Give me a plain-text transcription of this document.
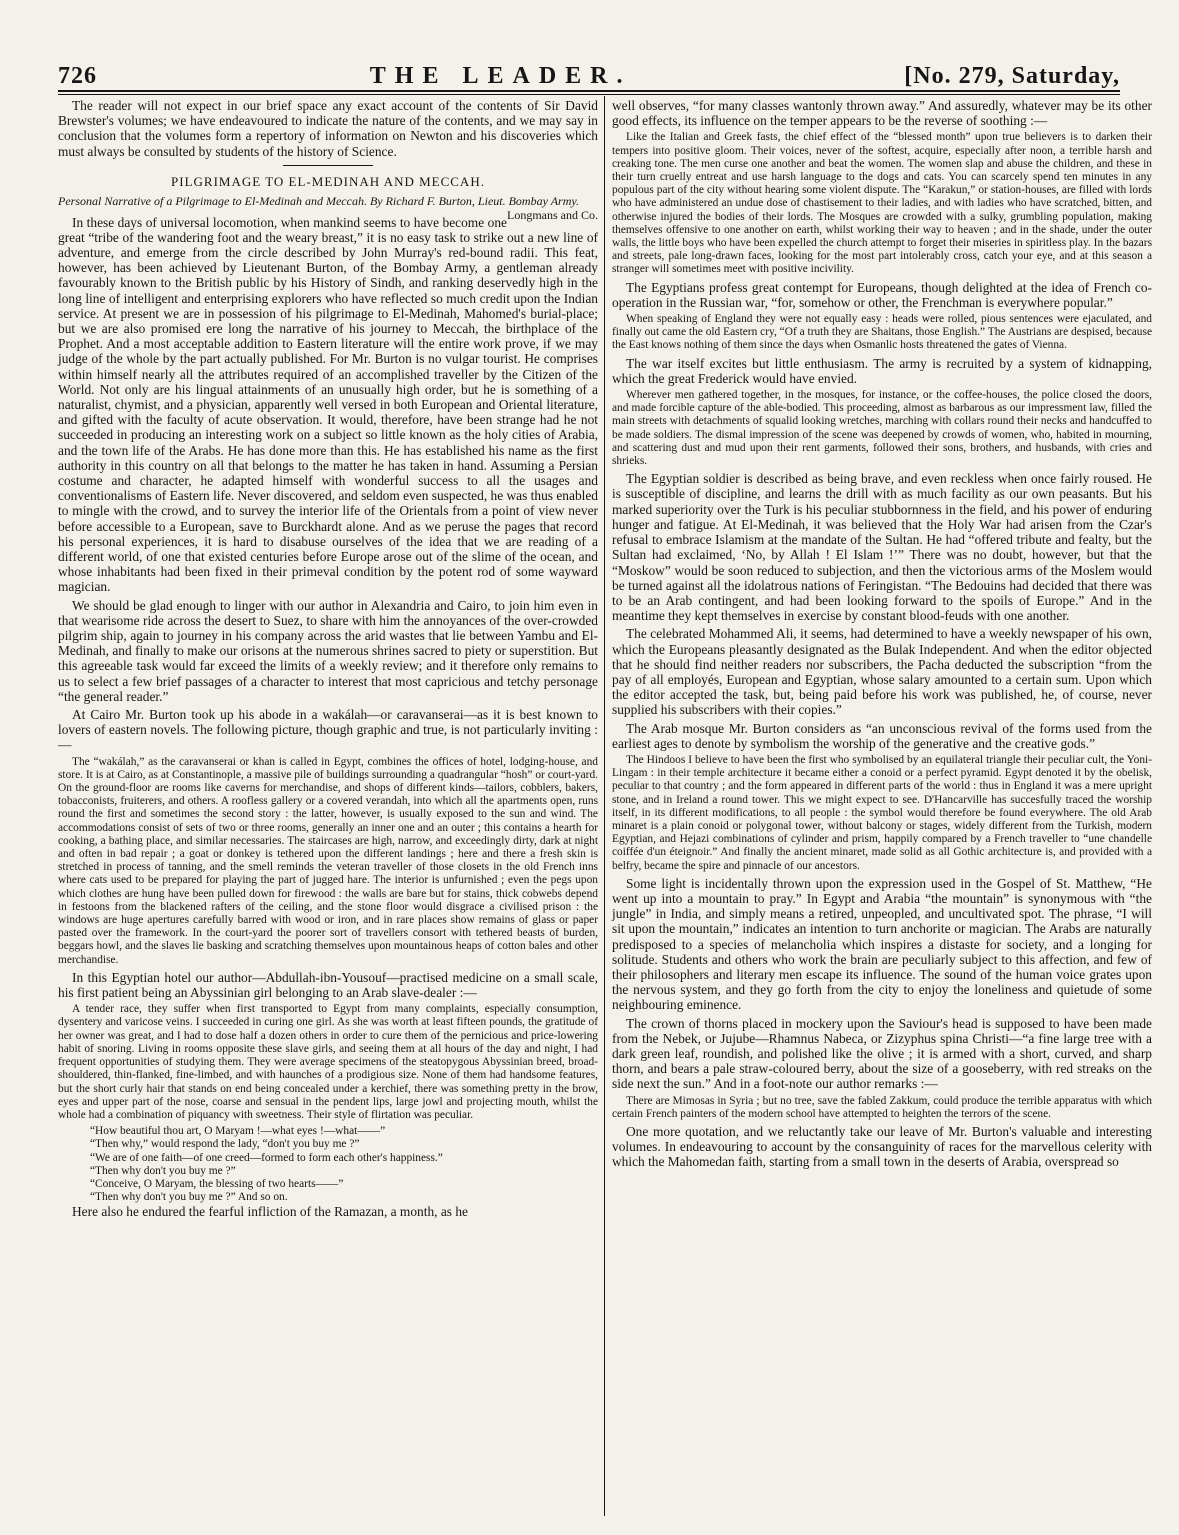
726	THE LEADER.	[No. 279, Saturday,

The reader will not expect in our brief space any exact account of the contents of Sir David Brewster's volumes; we have endeavoured to indicate the nature of the contents, and we may say in conclusion that the volumes form a repertory of information on Newton and his discoveries which must always be consulted by students of the history of Science.

PILGRIMAGE TO EL-MEDINAH AND MECCAH.

Personal Narrative of a Pilgrimage to El-Medinah and Meccah. By Richard F. Burton, Lieut. Bombay Army.
Longmans and Co.

In these days of universal locomotion, when mankind seems to have become one great “tribe of the wandering foot and the weary breast,” it is no easy task to strike out a new line of adventure, and emerge from the circle described by John Murray's red-bound radii. This feat, however, has been achieved by Lieutenant Burton, of the Bombay Army, a gentleman already favourably known to the British public by his History of Sindh, and ranking deservedly high in the long line of intelligent and enterprising explorers who have reflected so much credit upon the Indian service. At present we are in possession of his pilgrimage to El-Medinah, Mahomed's burial-place; but we are also promised ere long the narrative of his journey to Meccah, the birthplace of the Prophet. And a most acceptable addition to Eastern literature will the entire work prove, if we may judge of the whole by the part actually published. For Mr. Burton is no vulgar tourist. He comprises within himself nearly all the attributes required of an accomplished traveller by the Citizen of the World. Not only are his lingual attainments of an unusually high order, but he is something of a naturalist, chymist, and a physician, apparently well versed in both European and Oriental literature, and gifted with the faculty of acute observation. It would, therefore, have been strange had he not succeeded in producing an interesting work on a subject so little known as the holy cities of Arabia, and the town life of the Arabs. He has done more than this. He has established his name as the first authority in this country on all that belongs to the matter he has taken in hand. Assuming a Persian costume and character, he adapted himself with wonderful success to all the usages and conventionalisms of Eastern life. Never discovered, and seldom even suspected, he was thus enabled to mingle with the crowd, and to survey the interior life of the Orientals from a point of view never before accessible to a European, save to Burckhardt alone. And as we peruse the pages that record his personal experiences, it is hard to disabuse ourselves of the idea that we are reading of a different world, of one that existed centuries before Europe arose out of the slime of the ocean, and whose inhabitants had been fixed in their primeval condition by the potent rod of some wayward magician.

We should be glad enough to linger with our author in Alexandria and Cairo, to join him even in that wearisome ride across the desert to Suez, to share with him the annoyances of the over-crowded pilgrim ship, again to journey in his company across the arid wastes that lie between Yambu and El-Medinah, and finally to make our orisons at the numerous shrines sacred to piety or superstition. But this agreeable task would far exceed the limits of a weekly review; and it therefore only remains to us to select a few brief passages of a character to interest that most capricious and tetchy personage “the general reader.”

At Cairo Mr. Burton took up his abode in a wakálah—or caravanserai—as it is best known to lovers of eastern novels. The following picture, though graphic and true, is not particularly inviting :—

The “wakálah,” as the caravanserai or khan is called in Egypt, combines the offices of hotel, lodging-house, and store. It is at Cairo, as at Constantinople, a massive pile of buildings surrounding a quadrangular “hosh” or court-yard. On the ground-floor are rooms like caverns for merchandise, and shops of different kinds—tailors, cobblers, bakers, tobacconists, fruiterers, and others. A roofless gallery or a covered verandah, into which all the apartments open, runs round the first and sometimes the second story : the latter, however, is usually exposed to the sun and wind. The accommodations consist of sets of two or three rooms, generally an inner one and an outer ; this contains a hearth for cooking, a bathing place, and similar necessaries. The staircases are high, narrow, and exceedingly dirty, dark at night and often in bad repair ; a goat or donkey is tethered upon the different landings ; here and there a fresh skin is stretched in process of tanning, and the smell reminds the veteran traveller of those closets in the old French inns where cats used to be prepared for playing the part of jugged hare. The interior is unfurnished ; even the pegs upon which clothes are hung have been pulled down for firewood : the walls are bare but for stains, thick cobwebs depend in festoons from the blackened rafters of the ceiling, and the stone floor would disgrace a civilised prison : the windows are huge apertures carefully barred with wood or iron, and in rare places show remains of glass or paper pasted over the framework. In the court-yard the poorer sort of travellers consort with tethered beasts of burden, beggars howl, and the slaves lie basking and scratching themselves upon mountainous heaps of cotton bales and other merchandise.

In this Egyptian hotel our author—Abdullah-ibn-Yousouf—practised medicine on a small scale, his first patient being an Abyssinian girl belonging to an Arab slave-dealer :—

A tender race, they suffer when first transported to Egypt from many complaints, especially consumption, dysentery and varicose veins. I succeeded in curing one girl. As she was worth at least fifteen pounds, the gratitude of her owner was great, and I had to dose half a dozen others in order to cure them of the pernicious and price-lowering habit of snoring. Living in rooms opposite these slave girls, and seeing them at all hours of the day and night, I had frequent opportunities of studying them. They were average specimens of the steatopygous Abyssinian breed, broad-shouldered, thin-flanked, fine-limbed, and with haunches of a prodigious size. None of them had handsome features, but the short curly hair that stands on end being concealed under a kerchief, there was something pretty in the brow, eyes and upper part of the nose, coarse and sensual in the pendent lips, large jowl and projecting mouth, whilst the whole had a combination of piquancy with sweetness. Their style of flirtation was peculiar.

“How beautiful thou art, O Maryam !—what eyes !—what——”

“Then why,” would respond the lady, “don't you buy me ?”

“We are of one faith—of one creed—formed to form each other's happiness.”

“Then why don't you buy me ?”

“Conceive, O Maryam, the blessing of two hearts——”

“Then why don't you buy me ?” And so on.

Here also he endured the fearful infliction of the Ramazan, a month, as he

well observes, “for many classes wantonly thrown away.” And assuredly, whatever may be its other good effects, its influence on the temper appears to be the reverse of soothing :—

Like the Italian and Greek fasts, the chief effect of the “blessed month” upon true believers is to darken their tempers into positive gloom. Their voices, never of the softest, acquire, especially after noon, a terrible harsh and creaking tone. The men curse one another and beat the women. The women slap and abuse the children, and these in their turn cruelly entreat and use harsh language to the dogs and cats. You can scarcely spend ten minutes in any populous part of the city without hearing some violent dispute. The “Karakun,” or station-houses, are filled with lords who have administered an undue dose of chastisement to their ladies, and with ladies who have scratched, bitten, and otherwise injured the bodies of their lords. The Mosques are crowded with a sulky, grumbling population, making themselves offensive to one another on earth, whilst working their way to heaven ; and in the shade, under the outer walls, the little boys who have been expelled the church attempt to forget their miseries in spiritless play. In the bazars and streets, pale long-drawn faces, looking for the most part intolerably cross, catch your eye, and at this season a stranger will sometimes meet with positive incivility.

The Egyptians profess great contempt for Europeans, though delighted at the idea of French co-operation in the Russian war, “for, somehow or other, the Frenchman is everywhere popular.”

When speaking of England they were not equally easy : heads were rolled, pious sentences were ejaculated, and finally out came the old Eastern cry, “Of a truth they are Shaitans, those English.” The Austrians are despised, because the East knows nothing of them since the days when Osmanlic hosts threatened the gates of Vienna.

The war itself excites but little enthusiasm. The army is recruited by a system of kidnapping, which the great Frederick would have envied.

Wherever men gathered together, in the mosques, for instance, or the coffee-houses, the police closed the doors, and made forcible capture of the able-bodied. This proceeding, almost as barbarous as our impressment law, filled the main streets with detachments of squalid looking wretches, marching with collars round their necks and handcuffed to be made soldiers. The dismal impression of the scene was deepened by crowds of women, who, habited in mourning, and scattering dust and mud upon their rent garments, followed their sons, brothers, and husbands, with cries and shrieks.

The Egyptian soldier is described as being brave, and even reckless when once fairly roused. He is susceptible of discipline, and learns the drill with as much facility as our own peasants. But his marked superiority over the Turk is his peculiar stubbornness in the field, and his power of enduring hunger and fatigue. At El-Medinah, it was believed that the Holy War had arisen from the Czar's refusal to embrace Islamism at the mandate of the Sultan. He had “offered tribute and fealty, but the Sultan had exclaimed, ‘No, by Allah ! El Islam !’” There was no doubt, however, but that the “Moskow” would be soon reduced to subjection, and then the victorious arms of the Moslem would be turned against all the idolatrous nations of Feringistan. “The Bedouins had decided that there was to be an Arab contingent, and had been looking forward to the spoils of Europe.” And in the meantime they kept themselves in exercise by constant blood-feuds with one another.

The celebrated Mohammed Ali, it seems, had determined to have a weekly newspaper of his own, which the Europeans pleasantly designated as the Bulak Independent. And when the editor objected that he should find neither readers nor subscribers, the Pacha deducted the subscription “from the pay of all employés, European and Egyptian, whose salary amounted to a certain sum. Upon which the editor accepted the task, but, being paid before his work was published, he, of course, never supplied his subscribers with their copies.”

The Arab mosque Mr. Burton considers as “an unconscious revival of the forms used from the earliest ages to denote by symbolism the worship of the generative and the creative gods.”

The Hindoos I believe to have been the first who symbolised by an equilateral triangle their peculiar cult, the Yoni-Lingam : in their temple architecture it became either a conoid or a perfect pyramid. Egypt denoted it by the obelisk, peculiar to that country ; and the form appeared in different parts of the world : thus in England it was a mere upright stone, and in Ireland a round tower. This we might expect to see. D'Hancarville has succesfully traced the worship itself, in its different modifications, to all people : the symbol would therefore be found everywhere. The old Arab minaret is a plain conoid or polygonal tower, without balcony or stages, widely different from the Turkish, modern Egyptian, and Hejazi combinations of cylinder and prism, happily compared by a French traveller to “une chandelle coiffée d'un éteignoir.” And finally the ancient minaret, made solid as all Gothic architecture is, and provided with a belfry, became the spire and pinnacle of our ancestors.

Some light is incidentally thrown upon the expression used in the Gospel of St. Matthew, “He went up into a mountain to pray.” In Egypt and Arabia “the mountain” is synonymous with “the jungle” in India, and simply means a retired, unpeopled, and uncultivated spot. The phrase, “I will sit upon the mountain,” indicates an intention to turn anchorite or magician. The Arabs are naturally predisposed to a species of melancholia which inspires a distaste for society, and a longing for solitude. Students and others who work the brain are peculiarly subject to this affection, and few of their philosophers and literary men escape its influence. The sound of the human voice grates upon the nervous system, and they go forth from the city to enjoy the loneliness and quietude of some neighbouring eminence.

The crown of thorns placed in mockery upon the Saviour's head is supposed to have been made from the Nebek, or Jujube—Rhamnus Nabeca, or Zizyphus spina Christi—“a fine large tree with a dark green leaf, roundish, and polished like the olive ; it is armed with a short, curved, and sharp thorn, and bears a pale straw-coloured berry, about the size of a gooseberry, with red streaks on the side next the sun.” And in a foot-note our author remarks :—

There are Mimosas in Syria ; but no tree, save the fabled Zakkum, could produce the terrible apparatus with which certain French painters of the modern school have attempted to heighten the terrors of the scene.

One more quotation, and we reluctantly take our leave of Mr. Burton's valuable and interesting volumes. In endeavouring to account by the consanguinity of races for the marvellous celerity with which the Mahomedan faith, starting from a small town in the deserts of Arabia, overspread so
